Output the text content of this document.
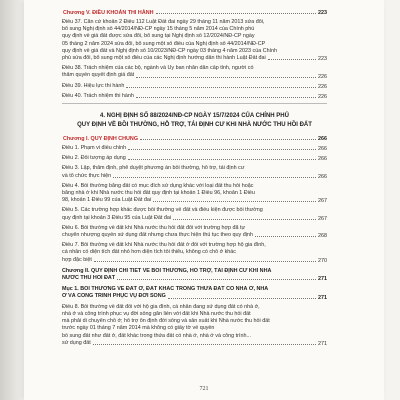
Chương V. ĐIỀU KHOẢN THI HÀNH	223
Điều 37. Căn cứ khoản 2 Điều 112 Luật Đất đai ngày 29 tháng 11 năm 2013 sửa đổi,
bổ sung Nghị định số 44/2014/NĐ-CP ngày 15 tháng 5 năm 2014 của Chính phủ
quy định về giá đất được sửa đổi, bổ sung tại Nghị định số 12/2024/NĐ-CP ngày
05 tháng 2 năm 2024 sửa đổi, bổ sung một số điều của Nghị định số 44/2014/NĐ-CP
quy định về giá đất và Nghị định số 10/2023/NĐ-CP ngày 03 tháng 4 năm 2023 của Chính
phủ sửa đổi, bổ sung một số điều của các Nghị định hướng dẫn thi hành Luật Đất đai	223
Điều 38. Trách nhiệm của các bộ, ngành và Ủy ban nhân dân cấp tỉnh, người có
thẩm quyền quyết định giá đất	226
Điều 39. Hiệu lực thi hành	226
Điều 40. Trách nhiệm thi hành	226
4. NGHỊ ĐỊNH SỐ 88/2024/NĐ-CP NGÀY 15/7/2024 CỦA CHÍNH PHỦ
QUY ĐỊNH VỀ BỒI THƯỜNG, HỖ TRỢ, TÁI ĐỊNH CƯ KHI NHÀ NƯỚC THU HỒI ĐẤT
Chương I. QUY ĐỊNH CHUNG	266
Điều 1. Phạm vi điều chỉnh	266
Điều 2. Đối tượng áp dụng	266
Điều 3. Lập, thẩm định, phê duyệt phương án bồi thường, hỗ trợ, tái định cư
và tổ chức thực hiện	266
Điều 4. Bồi thường bằng đất có mục đích sử dụng khác với loại đất thu hồi hoặc
bằng nhà ở khi Nhà nước thu hồi đất quy định tại khoản 1 Điều 96, khoản 1 Điều
98, khoản 1 Điều 99 của Luật Đất đai	267
Điều 5. Các trường hợp khác được bồi thường về đất và điều kiện được bồi thường
quy định tại khoản 3 Điều 95 của Luật Đất đai	267
Điều 6. Bồi thường về đất khi Nhà nước thu hồi đất đối với trường hợp đã tự
chuyển nhượng quyền sử dụng đất nhưng chưa thực hiện thủ tục theo quy định	268
Điều 7. Bồi thường về đất khi Nhà nước thu hồi đất ở đối với trường hợp hộ gia đình,
cá nhân có diện tích đất nhỏ hơn diện tích tối thiểu, không có chỗ ở khác
hợp đặc biệt	270
Chương II. QUY ĐỊNH CHI TIẾT VỀ BỒI THƯỜNG, HỖ TRỢ, TÁI ĐỊNH CƯ KHI NHÀ
NƯỚC THU HỒI ĐẤT	271
Mục 1. BỒI THƯỜNG VỀ ĐẤT Ở, ĐẤT KHÁC TRONG THỬA ĐẤT CÓ NHÀ Ở, NHÀ
Ở VÀ CÔNG TRÌNH PHỤC VỤ ĐỜI SỐNG	271
Điều 8. Bồi thường về đất đối với hộ gia đình, cá nhân đang sử dụng đất có nhà ở,
nhà ở và công trình phục vụ đời sống gắn liền với đất khi Nhà nước thu hồi đất
mà phải di chuyển chỗ ở; hỗ trợ ổn định đời sống và sản xuất khi Nhà nước thu hồi đất
trước ngày 01 tháng 7 năm 2014 mà không có giấy tờ về quyền
bồ sung đất như đất ở, đất khác trong thửa đất có nhà ở, nhà ở và công trình...
sử dụng đất	271
721
